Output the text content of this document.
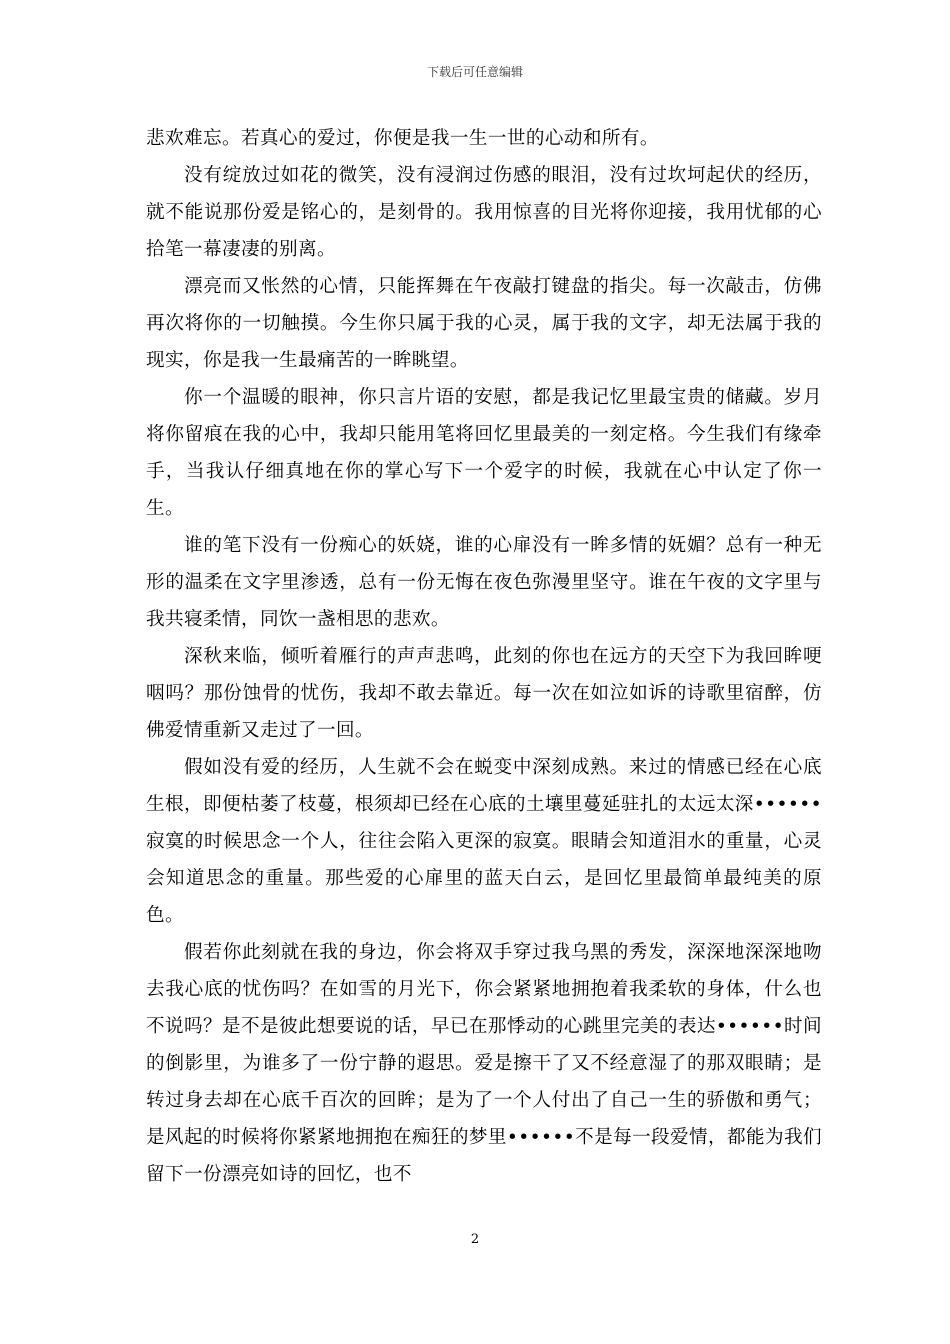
下载后可任意编辑

悲欢难忘。若真心的爱过，你便是我一生一世的心动和所有。

没有绽放过如花的微笑，没有浸润过伤感的眼泪，没有过坎坷起伏的经历，就不能说那份爱是铭心的，是刻骨的。我用惊喜的目光将你迎接，我用忧郁的心拾笔一幕凄凄的别离。

漂亮而又怅然的心情，只能挥舞在午夜敲打键盘的指尖。每一次敲击，仿佛再次将你的一切触摸。今生你只属于我的心灵，属于我的文字，却无法属于我的现实，你是我一生最痛苦的一眸眺望。

你一个温暖的眼神，你只言片语的安慰，都是我记忆里最宝贵的储藏。岁月将你留痕在我的心中，我却只能用笔将回忆里最美的一刻定格。今生我们有缘牵手，当我认仔细真地在你的掌心写下一个爱字的时候，我就在心中认定了你一生。

谁的笔下没有一份痴心的妖娆，谁的心扉没有一眸多情的妩媚？总有一种无形的温柔在文字里渗透，总有一份无悔在夜色弥漫里坚守。谁在午夜的文字里与我共寝柔情，同饮一盏相思的悲欢。

深秋来临，倾听着雁行的声声悲鸣，此刻的你也在远方的天空下为我回眸哽咽吗？那份蚀骨的忧伤，我却不敢去靠近。每一次在如泣如诉的诗歌里宿醉，仿佛爱情重新又走过了一回。

假如没有爱的经历，人生就不会在蜕变中深刻成熟。来过的情感已经在心底生根，即便枯萎了枝蔓，根须却已经在心底的土壤里蔓延驻扎的太远太深••••••寂寞的时候思念一个人，往往会陷入更深的寂寞。眼睛会知道泪水的重量，心灵会知道思念的重量。那些爱的心扉里的蓝天白云，是回忆里最简单最纯美的原色。

假若你此刻就在我的身边，你会将双手穿过我乌黑的秀发，深深地深深地吻去我心底的忧伤吗？在如雪的月光下，你会紧紧地拥抱着我柔软的身体，什么也不说吗？是不是彼此想要说的话，早已在那悸动的心跳里完美的表达••••••时间的倒影里，为谁多了一份宁静的遐思。爱是擦干了又不经意湿了的那双眼睛；是转过身去却在心底千百次的回眸；是为了一个人付出了自己一生的骄傲和勇气；是风起的时候将你紧紧地拥抱在痴狂的梦里••••••不是每一段爱情，都能为我们留下一份漂亮如诗的回忆，也不

2
